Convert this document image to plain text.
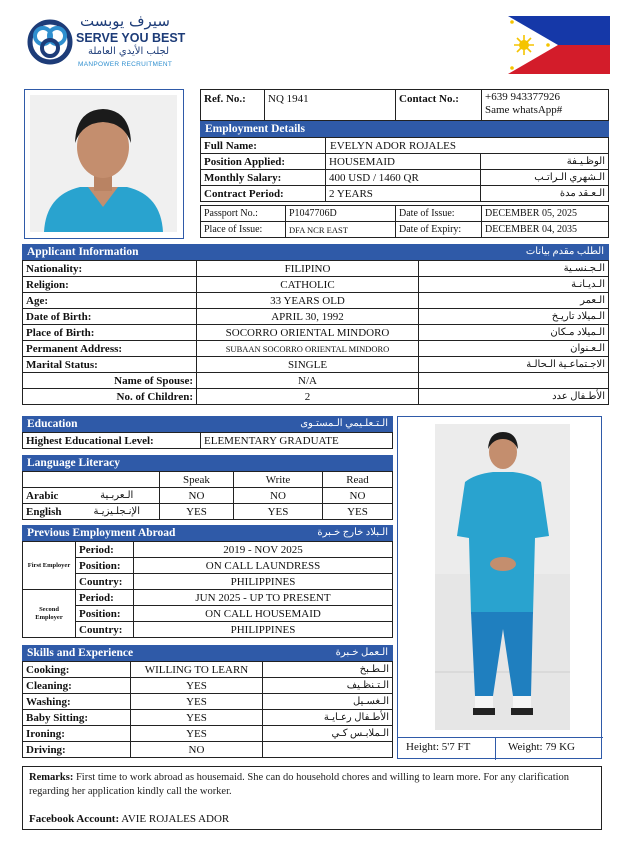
سيرف يوبست
SERVE YOU BEST
لجلب الأيدي العاملة
MANPOWER RECRUITMENT
Height: 5'7 FT	Weight: 79 KG
Ref. No.:	NQ 1941	Contact No.:	+639 943377926
Same whatsApp#
Employment Details
Full Name:	EVELYN ADOR ROJALES	
Position Applied:	HOUSEMAID	الوظـيـفة
Monthly Salary:	400 USD / 1460 QR	الـشهري الـراتـب
Contract Period:	2 YEARS	الـعـقد مدة
Passport No.:	P1047706D	Date of Issue:	DECEMBER 05, 2025
Place of Issue:	DFA NCR EAST	Date of Expiry:	DECEMBER 04, 2035
Applicant Information	الطلب مقدم بيانات
Nationality:	FILIPINO	الـجـنسـية
Religion:	CATHOLIC	الـديـانـة
Age:	33 YEARS OLD	الـعمر
Date of Birth:	APRIL 30, 1992	الـميلاد تاريـخ
Place of Birth:	SOCORRO ORIENTAL MINDORO	الـميلاد مـكان
Permanent Address:	SUBAAN SOCORRO ORIENTAL MINDORO	الـعـنوان
Marital Status:	SINGLE	الاجـتماعـية الـحالـة
Name of Spouse:	N/A	
No. of Children:	2	الأطـفال عدد
Education	الـتـعلـيمي الـمستـوى
Highest Educational Level:	ELEMENTARY GRADUATE
Language Literacy
		Speak	Write	Read
Arabic	الـعربـية	NO	NO	NO
English	الإنـجلـيزيـة	YES	YES	YES
Previous Employment Abroad	الـبلاد خارج خـبرة
First Employer	Period:	2019 - NOV 2025
	Position:	ON CALL LAUNDRESS
	Country:	PHILIPPINES
Second Employer	Period:	JUN 2025 - UP TO PRESENT
	Position:	ON CALL HOUSEMAID
	Country:	PHILIPPINES
Skills and Experience	الـعمل خـبرة
Cooking:	WILLING TO LEARN	الـطـبخ
Cleaning:	YES	الـتـنظـيف
Washing:	YES	الـغسـيل
Baby Sitting:	YES	الأطـفال رعـايـة
Ironing:	YES	الـملابـس كـي
Driving:	NO	
Remarks: First time to work abroad as housemaid. She can do household chores and willing to learn more. For any clarification regarding her application kindly call the worker.
Facebook Account: AVIE ROJALES ADOR
